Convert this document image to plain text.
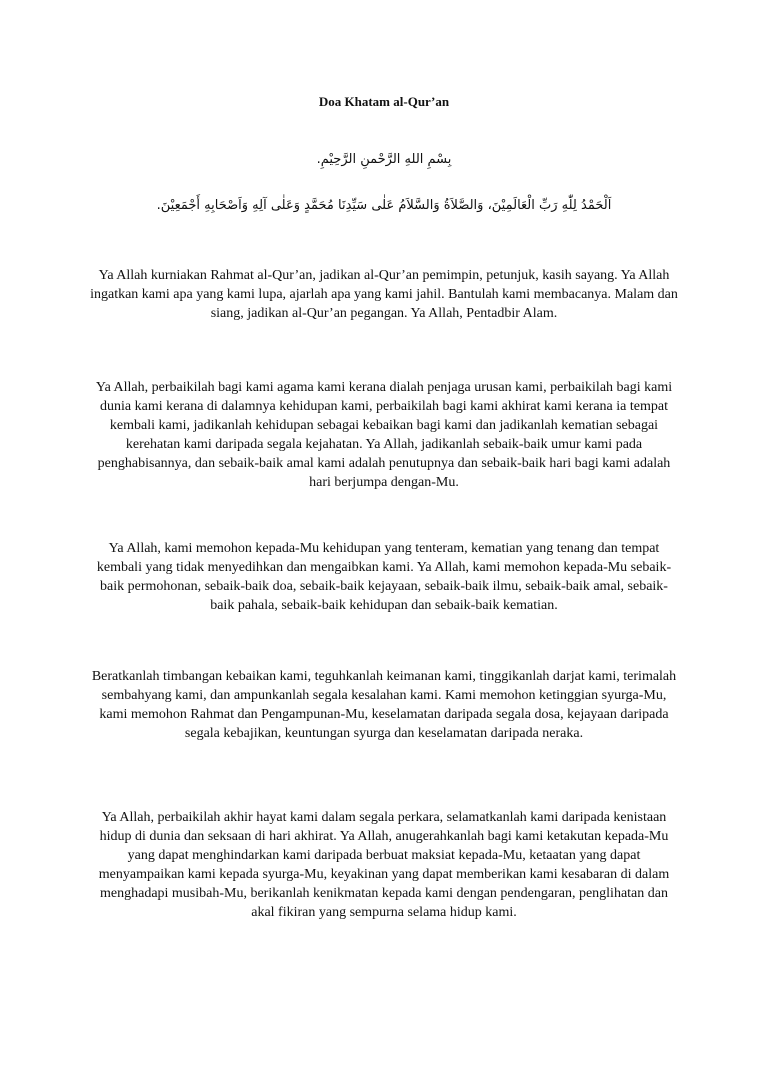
Doa Khatam al-Qur’an
بِسْمِ اللهِ الرَّحْمنِ الرَّحِيْمِ.
اَلْحَمْدُ لِلّٰهِ رَبِّ الْعَالَمِيْنَ، وَالصَّلاَةُ وَالسَّلاَمُ عَلٰى سَيِّدِنَا مُحَمَّدٍ وَعَلٰى آلِهِ وَاَصْحَابِهِ أَجْمَعِيْنَ.

Ya Allah kurniakan Rahmat al-Qur’an, jadikan al-Qur’an pemimpin, petunjuk, kasih sayang. Ya Allah ingatkan kami apa yang kami lupa, ajarlah apa yang kami jahil. Bantulah kami membacanya. Malam dan siang, jadikan al-Qur’an pegangan. Ya Allah, Pentadbir Alam.

Ya Allah, perbaikilah bagi kami agama kami kerana dialah penjaga urusan kami, perbaikilah bagi kami dunia kami kerana di dalamnya kehidupan kami, perbaikilah bagi kami akhirat kami kerana ia tempat kembali kami, jadikanlah kehidupan sebagai kebaikan bagi kami dan jadikanlah kematian sebagai kerehatan kami daripada segala kejahatan. Ya Allah, jadikanlah sebaik-baik umur kami pada penghabisannya, dan sebaik-baik amal kami adalah penutupnya dan sebaik-baik hari bagi kami adalah hari berjumpa dengan-Mu.

Ya Allah, kami memohon kepada-Mu kehidupan yang tenteram, kematian yang tenang dan tempat kembali yang tidak menyedihkan dan mengaibkan kami. Ya Allah, kami memohon kepada-Mu sebaik-baik permohonan, sebaik-baik doa, sebaik-baik kejayaan, sebaik-baik ilmu, sebaik-baik amal, sebaik-baik pahala, sebaik-baik kehidupan dan sebaik-baik kematian.

Beratkanlah timbangan kebaikan kami, teguhkanlah keimanan kami, tinggikanlah darjat kami, terimalah sembahyang kami, dan ampunkanlah segala kesalahan kami. Kami memohon ketinggian syurga-Mu, kami memohon Rahmat dan Pengampunan-Mu, keselamatan daripada segala dosa, kejayaan daripada segala kebajikan, keuntungan syurga dan keselamatan daripada neraka.

Ya Allah, perbaikilah akhir hayat kami dalam segala perkara, selamatkanlah kami daripada kenistaan hidup di dunia dan seksaan di hari akhirat. Ya Allah, anugerahkanlah bagi kami ketakutan kepada-Mu yang dapat menghindarkan kami daripada berbuat maksiat kepada-Mu, ketaatan yang dapat menyampaikan kami kepada syurga-Mu, keyakinan yang dapat memberikan kami kesabaran di dalam menghadapi musibah-Mu, berikanlah kenikmatan kepada kami dengan pendengaran, penglihatan dan akal fikiran yang sempurna selama hidup kami.
